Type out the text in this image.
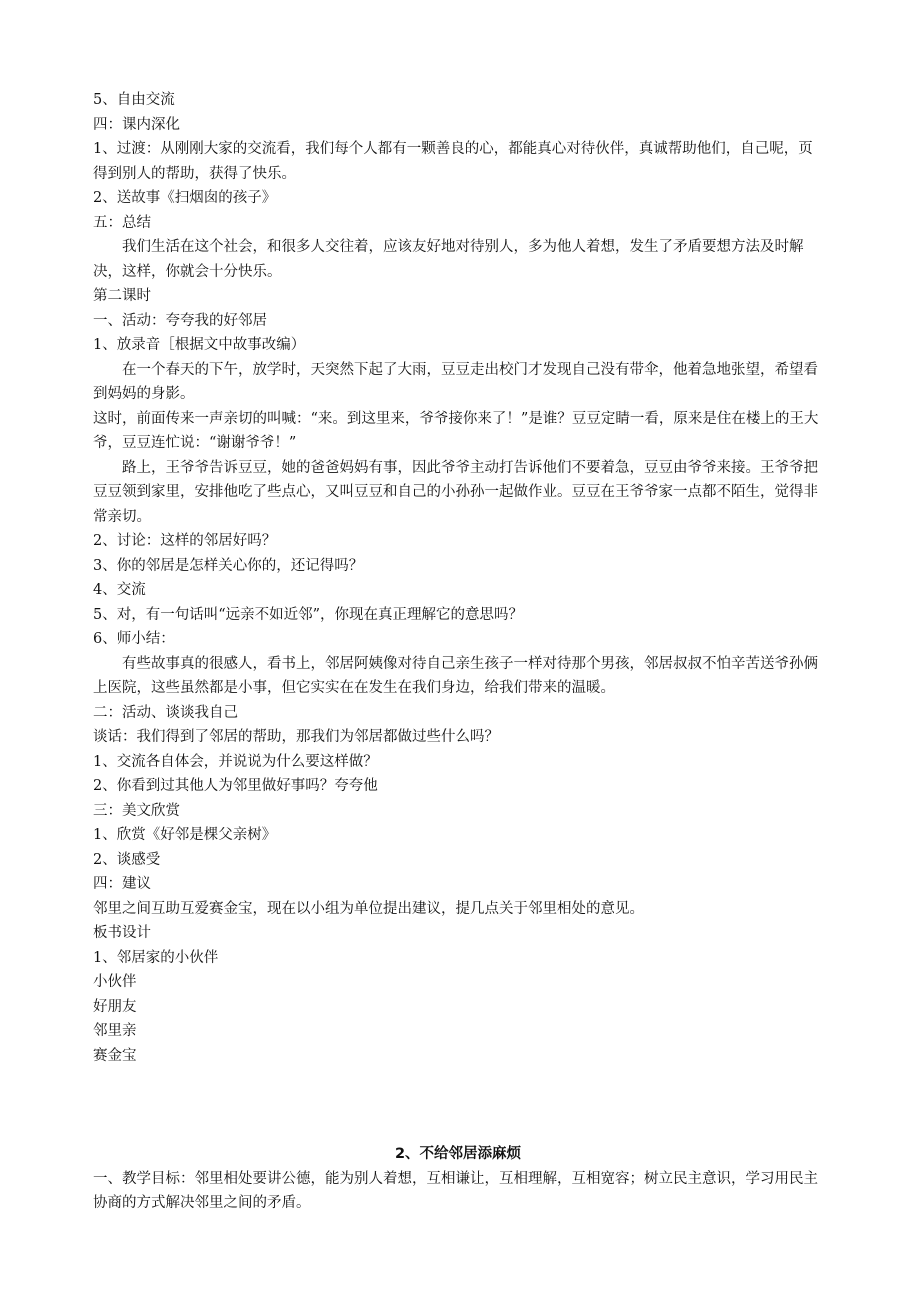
5、自由交流

四：课内深化

1、过渡：从刚刚大家的交流看，我们每个人都有一颗善良的心，都能真心对待伙伴，真诚帮助他们，自己呢，页得到别人的帮助，获得了快乐。

2、送故事《扫烟囱的孩子》

五：总结

我们生活在这个社会，和很多人交往着，应该友好地对待别人，多为他人着想，发生了矛盾要想方法及时解决，这样，你就会十分快乐。

第二课时

一、活动：夸夸我的好邻居

1、放录音［根据文中故事改编）

在一个春天的下午，放学时，天突然下起了大雨，豆豆走出校门才发现自己没有带伞，他着急地张望，希望看到妈妈的身影。

这时，前面传来一声亲切的叫喊：“来。到这里来，爷爷接你来了！”是谁？豆豆定睛一看，原来是住在楼上的王大爷，豆豆连忙说：“谢谢爷爷！”

路上，王爷爷告诉豆豆，她的爸爸妈妈有事，因此爷爷主动打告诉他们不要着急，豆豆由爷爷来接。王爷爷把豆豆领到家里，安排他吃了些点心，又叫豆豆和自己的小孙孙一起做作业。豆豆在王爷爷家一点都不陌生，觉得非常亲切。

2、讨论：这样的邻居好吗？

3、你的邻居是怎样关心你的，还记得吗？

4、交流

5、对，有一句话叫“远亲不如近邻”，你现在真正理解它的意思吗？

6、师小结：

有些故事真的很感人，看书上，邻居阿姨像对待自己亲生孩子一样对待那个男孩，邻居叔叔不怕辛苦送爷孙俩上医院，这些虽然都是小事，但它实实在在发生在我们身边，给我们带来的温暖。

二：活动、谈谈我自己

谈话：我们得到了邻居的帮助，那我们为邻居都做过些什么吗？

1、交流各自体会，并说说为什么要这样做？

2、你看到过其他人为邻里做好事吗？夸夸他

三：美文欣赏

1、欣赏《好邻是棵父亲树》

2、谈感受

四：建议

邻里之间互助互爱赛金宝，现在以小组为单位提出建议，提几点关于邻里相处的意见。

板书设计

1、邻居家的小伙伴

小伙伴

好朋友

邻里亲

赛金宝

2、不给邻居添麻烦

一、教学目标：邻里相处要讲公德，能为别人着想，互相谦让，互相理解，互相宽容；树立民主意识，学习用民主协商的方式解决邻里之间的矛盾。
